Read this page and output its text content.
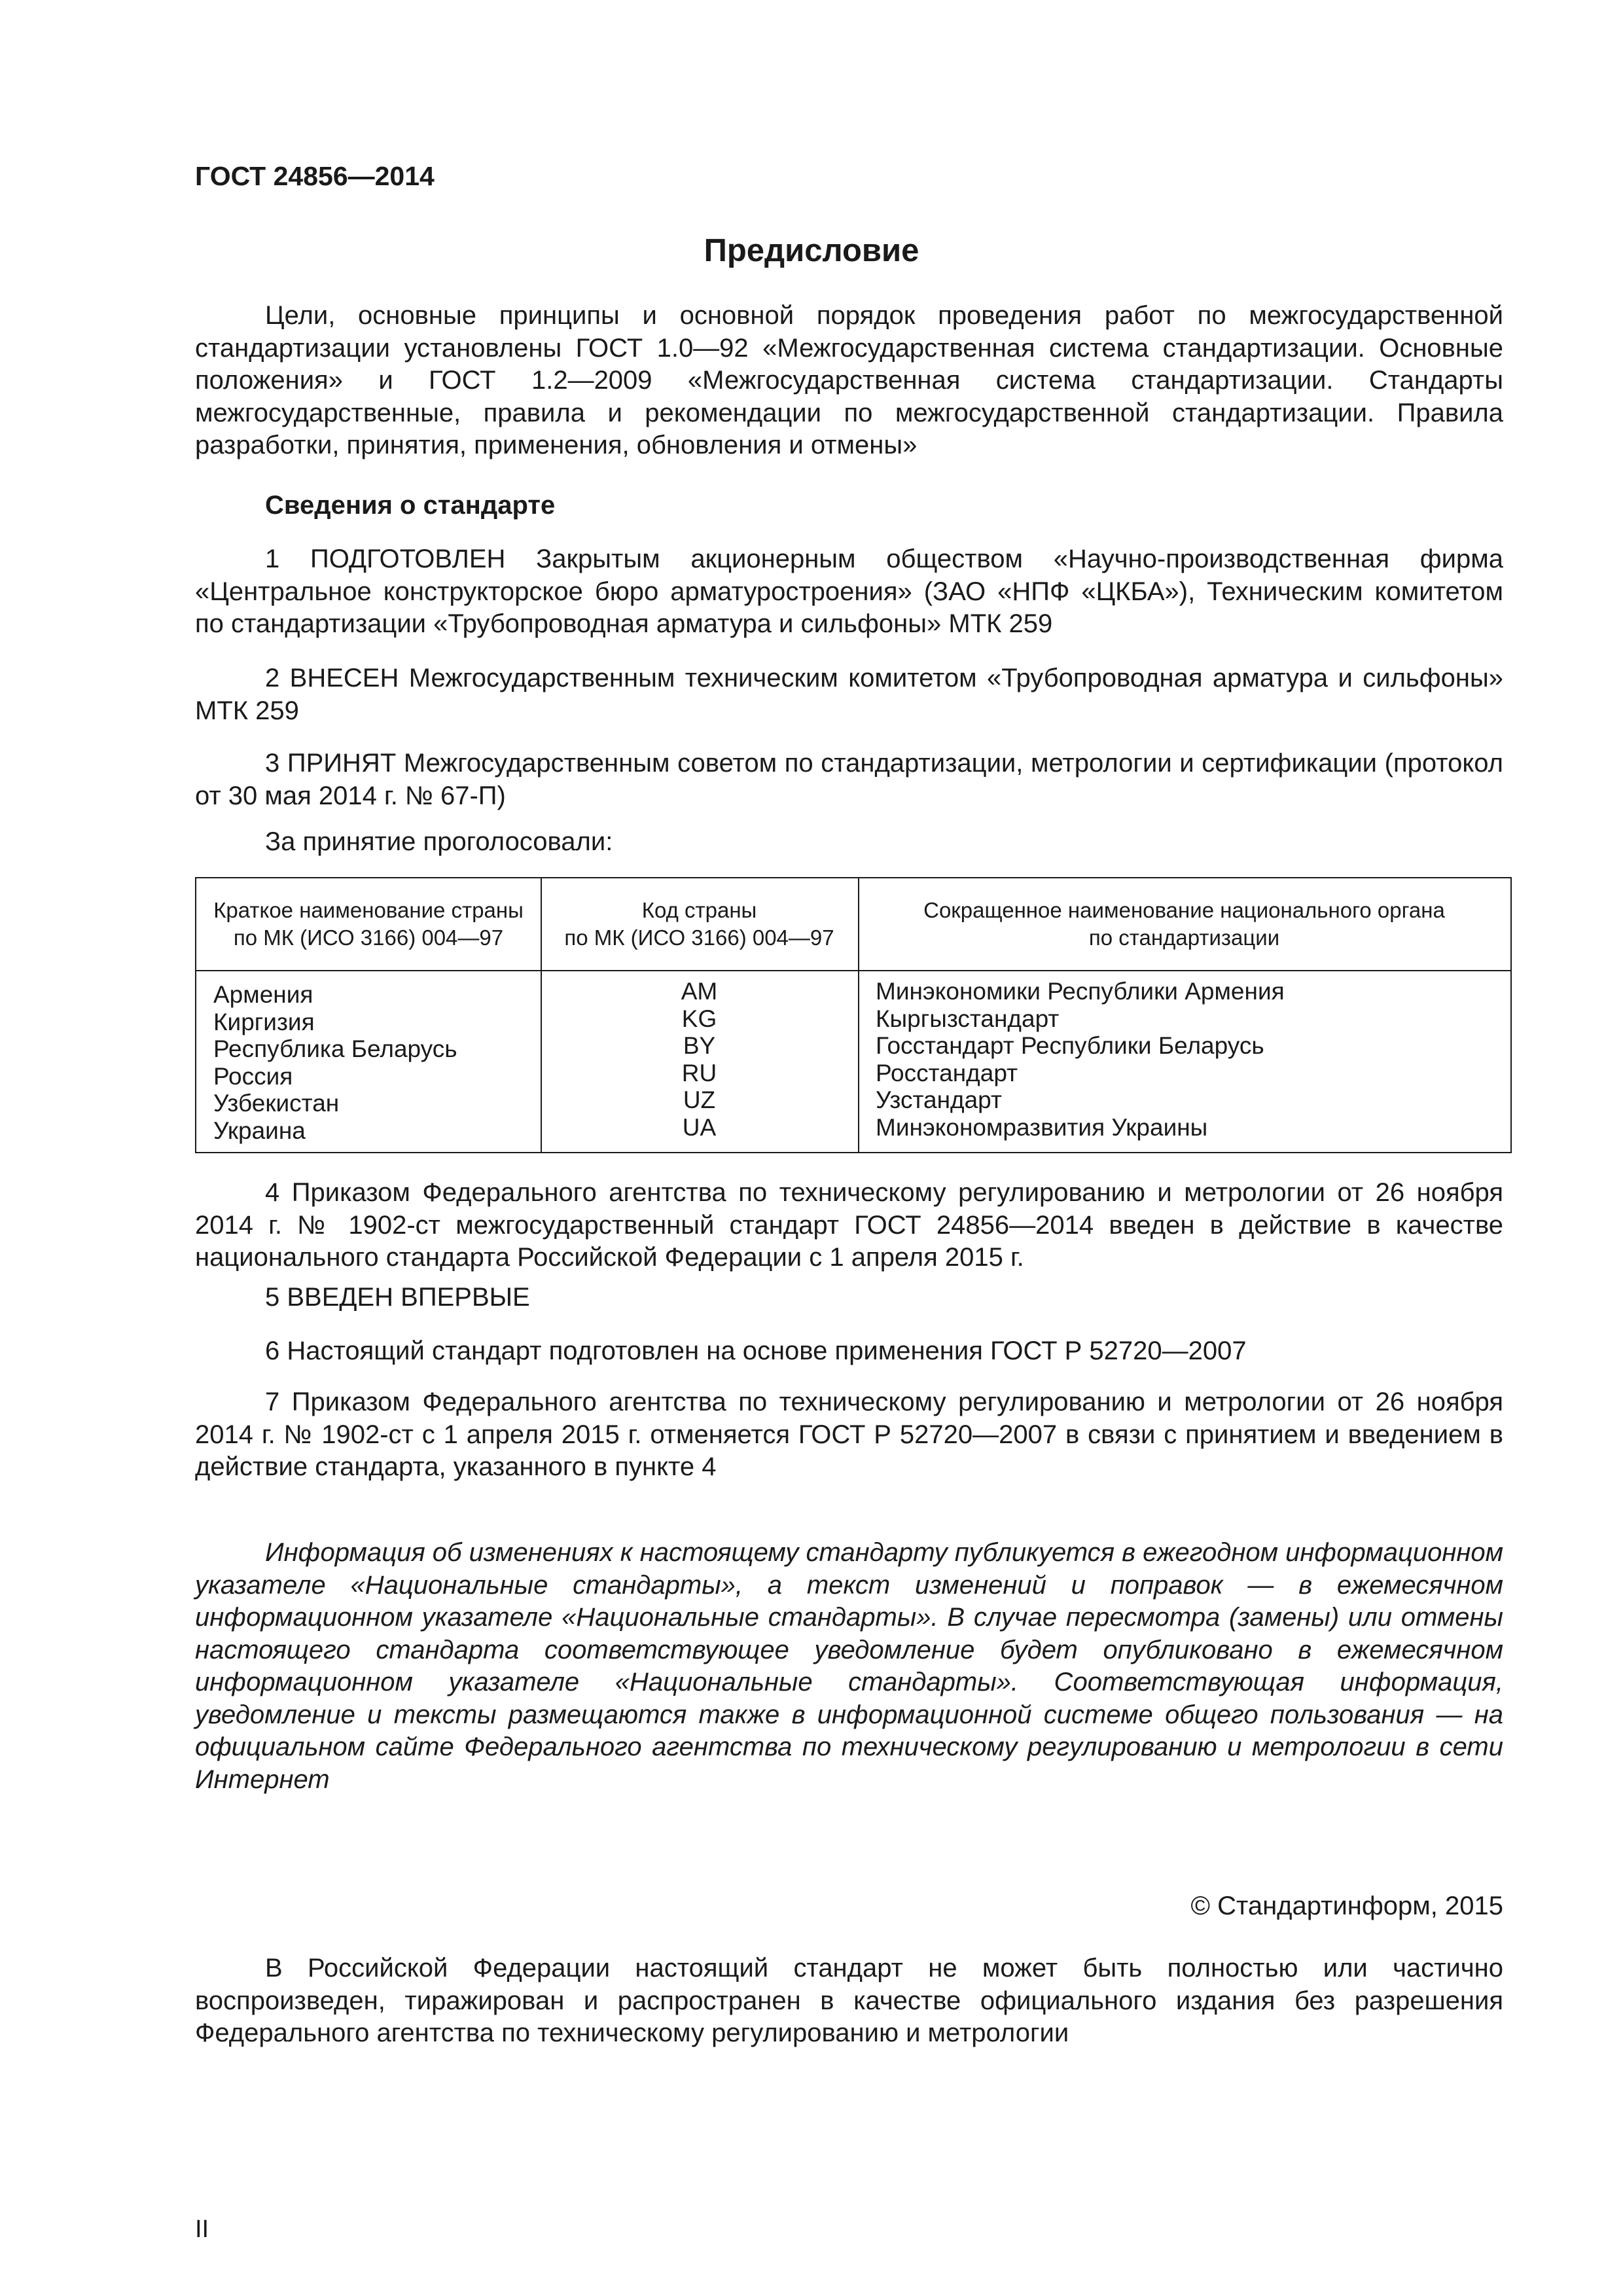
ГОСТ 24856—2014
Предисловие

Цели, основные принципы и основной порядок проведения работ по межгосударственной стандартизации установлены ГОСТ 1.0—92 «Межгосударственная система стандартизации. Основные положения» и ГОСТ 1.2—2009 «Межгосударственная система стандартизации. Стандарты межгосударственные, правила и рекомендации по межгосударственной стандартизации. Правила разработки, принятия, применения, обновления и отмены»

Сведения о стандарте

1 ПОДГОТОВЛЕН Закрытым акционерным обществом «Научно-производственная фирма «Центральное конструкторское бюро арматуростроения» (ЗАО «НПФ «ЦКБА»), Техническим комитетом по стандартизации «Трубопроводная арматура и сильфоны» МТК 259

2 ВНЕСЕН Межгосударственным техническим комитетом «Трубопроводная арматура и сильфоны» МТК 259

3 ПРИНЯТ Межгосударственным советом по стандартизации, метрологии и сертификации (протокол от 30 мая 2014 г. № 67-П)

За принятие проголосовали:

Краткое наименование страны
по МК (ИСО 3166) 004—97
Код страны
по МК (ИСО 3166) 004—97
Сокращенное наименование национального органа
по стандартизации
Армения
Киргизия
Республика Беларусь
Россия
Узбекистан
Украина
AM
KG
BY
RU
UZ
UA
Минэкономики Республики Армения
Кыргызстандарт
Госстандарт Республики Беларусь
Росстандарт
Узстандарт
Минэкономразвития Украины

4 Приказом Федерального агентства по техническому регулированию и метрологии от 26 ноября 2014 г. № 1902-ст межгосударственный стандарт ГОСТ 24856—2014 введен в действие в качестве национального стандарта Российской Федерации с 1 апреля 2015 г.

5 ВВЕДЕН ВПЕРВЫЕ

6 Настоящий стандарт подготовлен на основе применения ГОСТ Р 52720—2007

7 Приказом Федерального агентства по техническому регулированию и метрологии от 26 ноября 2014 г. № 1902-ст с 1 апреля 2015 г. отменяется ГОСТ Р 52720—2007 в связи с принятием и введением в действие стандарта, указанного в пункте 4

Информация об изменениях к настоящему стандарту публикуется в ежегодном информационном указателе «Национальные стандарты», а текст изменений и поправок — в ежемесячном информационном указателе «Национальные стандарты». В случае пересмотра (замены) или отмены настоящего стандарта соответствующее уведомление будет опубликовано в ежемесячном информационном указателе «Национальные стандарты». Соответствующая информация, уведомление и тексты размещаются также в информационной системе общего пользования — на официальном сайте Федерального агентства по техническому регулированию и метрологии в сети Интернет

© Стандартинформ, 2015

В Российской Федерации настоящий стандарт не может быть полностью или частично воспроизведен, тиражирован и распространен в качестве официального издания без разрешения Федерального агентства по техническому регулированию и метрологии

II
